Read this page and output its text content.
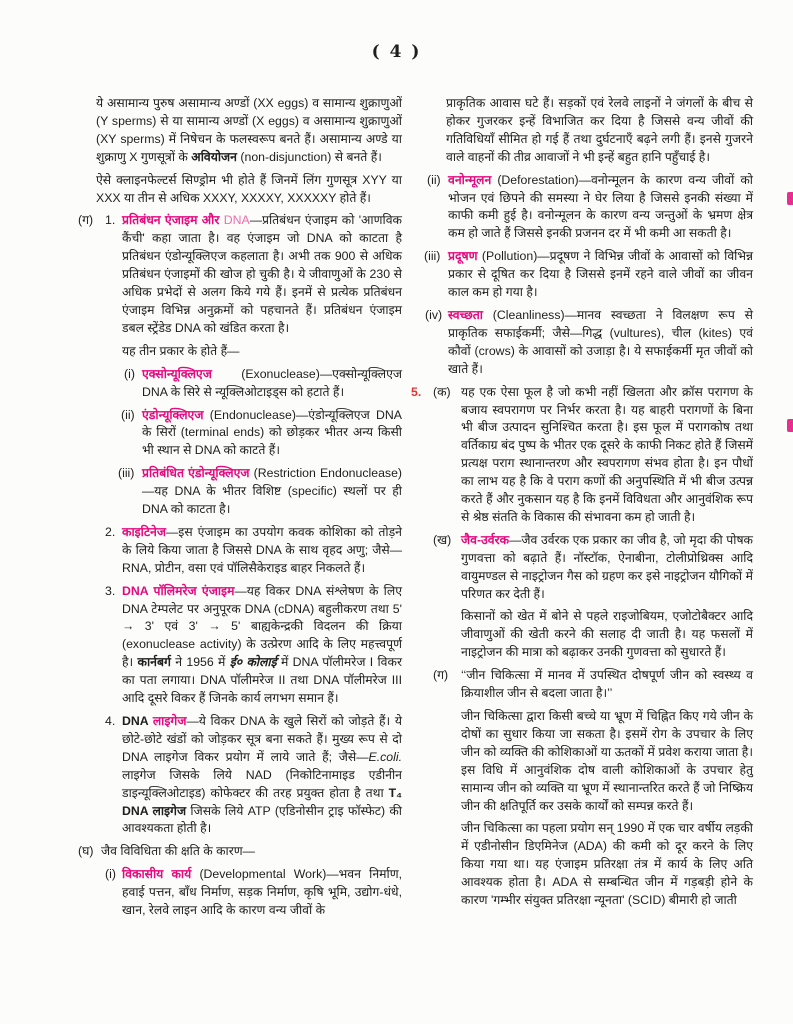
( 4 )
ये असामान्य पुरुष असामान्य अण्डों (XX eggs) व सामान्य शुक्राणुओं (Y sperms) से या सामान्य अण्डों (X eggs) व असामान्य शुक्राणुओं (XY sperms) में निषेचन के फलस्वरूप बनते हैं। असामान्य अण्डे या शुक्राणु X गुणसूत्रों के अवियोजन (non-disjunction) से बनते हैं।
ऐसे क्लाइनफेल्टर्स सिण्ड्रोम भी होते हैं जिनमें लिंग गुणसूत्र XYY या XXX या तीन से अधिक XXXY, XXXXY, XXXXXY होते हैं।
(ग) 1. प्रतिबंधन एंजाइम और DNA—प्रतिबंधन एंजाइम को 'आणविक कैंची' कहा जाता है। वह एंजाइम जो DNA को काटता है प्रतिबंधन एंडोन्यूक्लिएज कहलाता है। अभी तक 900 से अधिक प्रतिबंधन एंजाइमों की खोज हो चुकी है। ये जीवाणुओं के 230 से अधिक प्रभेदों से अलग किये गये हैं। इनमें से प्रत्येक प्रतिबंधन एंजाइम विभिन्न अनुक्रमों को पहचानते हैं। प्रतिबंधन एंजाइम डबल स्ट्रेंडेड DNA को खंडित करता है।
यह तीन प्रकार के होते हैं—
(i) एक्सोन्यूक्लिएज (Exonuclease)—एक्सोन्यूक्लिएज DNA के सिरे से न्यूक्लिओटाइड्स को हटाते हैं।
(ii) एंडोन्यूक्लिएज (Endonuclease)—एंडोन्यूक्लिएज DNA के सिरों (terminal ends) को छोड़कर भीतर अन्य किसी भी स्थान से DNA को काटते हैं।
(iii) प्रतिबंधित एंडोन्यूक्लिएज (Restriction Endonuclease) —यह DNA के भीतर विशिष्ट (specific) स्थलों पर ही DNA को काटता है।
2. काइटिनेज—इस एंजाइम का उपयोग कवक कोशिका को तोड़ने के लिये किया जाता है जिससे DNA के साथ वृहद अणु; जैसे—RNA, प्रोटीन, वसा एवं पॉलिसैकेराइड बाहर निकलते हैं।
3. DNA पॉलिमरेज एंजाइम—यह विकर DNA संश्लेषण के लिए DNA टेम्पलेट पर अनुपूरक DNA (cDNA) बहुलीकरण तथा 5' → 3' एवं 3' → 5' बाह्यकेन्द्रकी विदलन की क्रिया (exonuclease activity) के उत्प्रेरण आदि के लिए महत्त्वपूर्ण है। कार्नबर्ग ने 1956 में ई० कोलाई में DNA पॉलीमरेज I विकर का पता लगाया। DNA पॉलीमरेज II तथा DNA पॉलीमरेज III आदि दूसरे विकर हैं जिनके कार्य लगभग समान हैं।
4. DNA लाइगेज—ये विकर DNA के खुले सिरों को जोड़ते हैं। ये छोटे-छोटे खंडों को जोड़कर सूत्र बना सकते हैं। मुख्य रूप से दो DNA लाइगेज विकर प्रयोग में लाये जाते हैं; जैसे—E.coli. लाइगेज जिसके लिये NAD (निकोटिनामाइड एडीनीन डाइन्यूक्लिओटाइड) कोफेक्टर की तरह प्रयुक्त होता है तथा T₄ DNA लाइगेज जिसके लिये ATP (एडिनोसीन ट्राइ फॉस्फेट) की आवश्यकता होती है।
(घ) जैव विविधिता की क्षति के कारण—
(i) विकासीय कार्य (Developmental Work)—भवन निर्माण, हवाई पत्तन, बाँध निर्माण, सड़क निर्माण, कृषि भूमि, उद्योग-धंधे, खान, रेलवे लाइन आदि के कारण वन्य जीवों के
प्राकृतिक आवास घटे हैं। सड़कों एवं रेलवे लाइनों ने जंगलों के बीच से होकर गुजरकर इन्हें विभाजित कर दिया है जिससे वन्य जीवों की गतिविधियाँ सीमित हो गई हैं तथा दुर्घटनाएँ बढ़ने लगी हैं। इनसे गुजरने वाले वाहनों की तीव्र आवाजों ने भी इन्हें बहुत हानि पहुँचाई है।
(ii) वनोन्मूलन (Deforestation)—वनोन्मूलन के कारण वन्य जीवों को भोजन एवं छिपने की समस्या ने घेर लिया है जिससे इनकी संख्या में काफी कमी हुई है। वनोन्मूलन के कारण वन्य जन्तुओं के भ्रमण क्षेत्र कम हो जाते हैं जिससे इनकी प्रजनन दर में भी कमी आ सकती है।
(iii) प्रदूषण (Pollution)—प्रदूषण ने विभिन्न जीवों के आवासों को विभिन्न प्रकार से दूषित कर दिया है जिससे इनमें रहने वाले जीवों का जीवन काल कम हो गया है।
(iv) स्वच्छता (Cleanliness)—मानव स्वच्छता ने विलक्षण रूप से प्राकृतिक सफाईकर्मी; जैसे—गिद्ध (vultures), चील (kites) एवं कौवों (crows) के आवासों को उजाड़ा है। ये सफाईकर्मी मृत जीवों को खाते हैं।
5. (क) यह एक ऐसा फूल है जो कभी नहीं खिलता और क्रॉस परागण के बजाय स्वपरागण पर निर्भर करता है। यह बाहरी परागणों के बिना भी बीज उत्पादन सुनिश्चित करता है। इस फूल में परागकोष तथा वर्तिकाग्र बंद पुष्प के भीतर एक दूसरे के काफी निकट होते हैं जिसमें प्रत्यक्ष पराग स्थानान्तरण और स्वपरागण संभव होता है। इन पौधों का लाभ यह है कि वे पराग कणों की अनुपस्थिति में भी बीज उत्पन्न करते हैं और नुकसान यह है कि इनमें विविधता और आनुवंशिक रूप से श्रेष्ठ संतति के विकास की संभावना कम हो जाती है।
(ख) जैव-उर्वरक—जैव उर्वरक एक प्रकार का जीव है, जो मृदा की पोषक गुणवत्ता को बढ़ाते हैं। नॉस्टॉक, ऐनाबीना, टोलीप्रोथ्रिक्स आदि वायुमण्डल से नाइट्रोजन गैस को ग्रहण कर इसे नाइट्रोजन यौगिकों में परिणत कर देती हैं।
किसानों को खेत में बोने से पहले राइजोबियम, एजोटोबैक्टर आदि जीवाणुओं की खेती करने की सलाह दी जाती है। यह फसलों में नाइट्रोजन की मात्रा को बढ़ाकर उनकी गुणवत्ता को सुधारते हैं।
(ग) ‘‘जीन चिकित्सा में मानव में उपस्थित दोषपूर्ण जीन को स्वस्थ्य व क्रियाशील जीन से बदला जाता है।’’
जीन चिकित्सा द्वारा किसी बच्चे या भ्रूण में चिह्नित किए गये जीन के दोषों का सुधार किया जा सकता है। इसमें रोग के उपचार के लिए जीन को व्यक्ति की कोशिकाओं या ऊतकों में प्रवेश कराया जाता है। इस विधि में आनुवंशिक दोष वाली कोशिकाओं के उपचार हेतु सामान्य जीन को व्यक्ति या भ्रूण में स्थानान्तरित करते हैं जो निष्क्रिय जीन की क्षतिपूर्ति कर उसके कार्यों को सम्पन्न करते हैं।
जीन चिकित्सा का पहला प्रयोग सन् 1990 में एक चार वर्षीय लड़की में एडीनोसीन डिएमिनेज (ADA) की कमी को दूर करने के लिए किया गया था। यह एंजाइम प्रतिरक्षा तंत्र में कार्य के लिए अति आवश्यक होता है। ADA से सम्बन्धित जीन में गड़बड़ी होने के कारण 'गम्भीर संयुक्त प्रतिरक्षा न्यूनता' (SCID) बीमारी हो जाती
